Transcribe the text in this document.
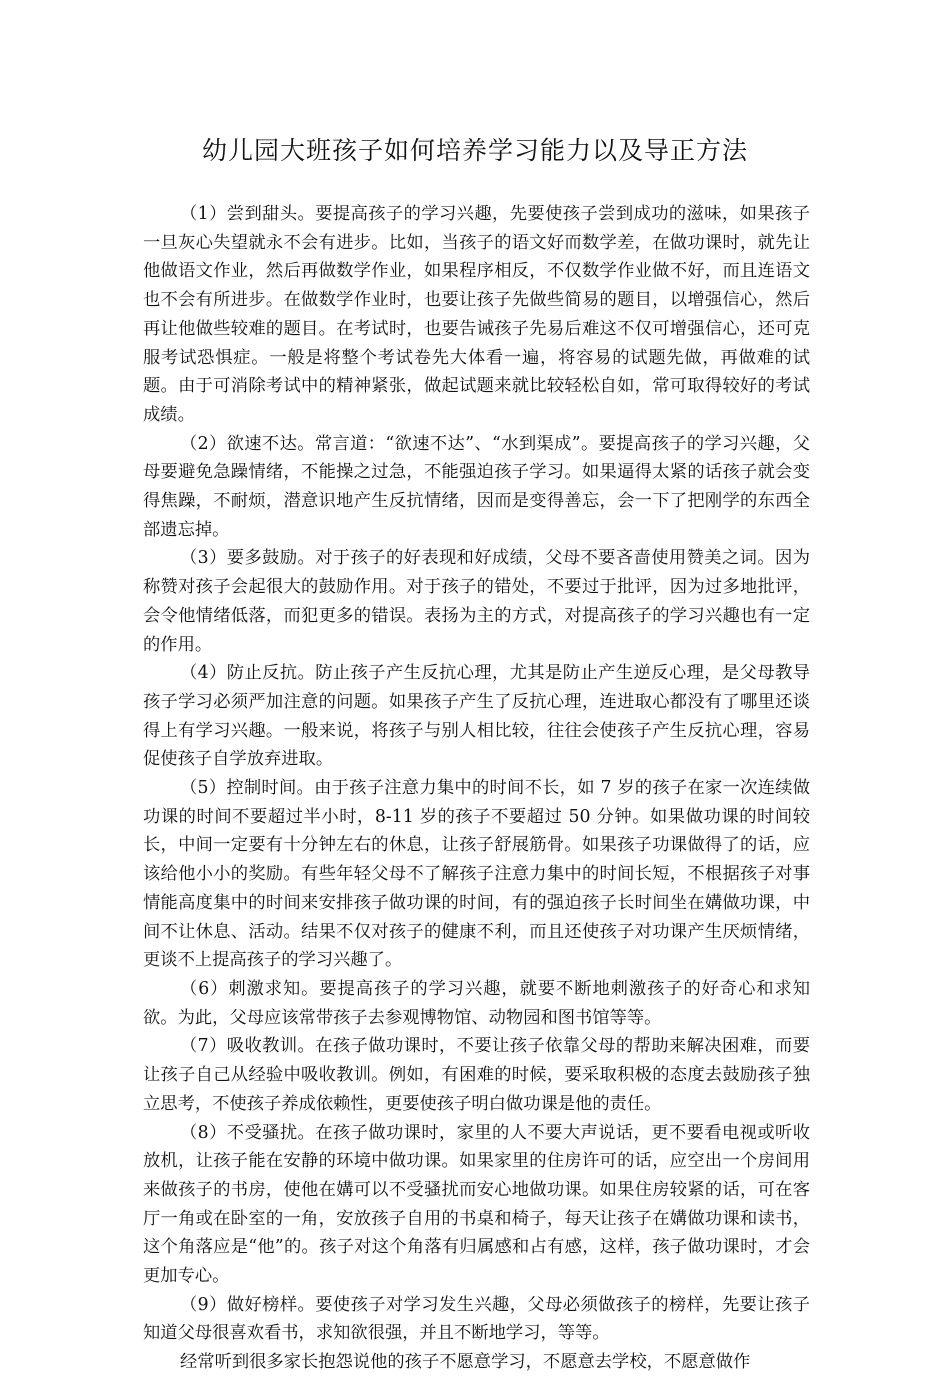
幼儿园大班孩子如何培养学习能力以及导正方法

（1）尝到甜头。要提高孩子的学习兴趣，先要使孩子尝到成功的滋味，如果孩子一旦灰心失望就永不会有进步。比如，当孩子的语文好而数学差，在做功课时，就先让他做语文作业，然后再做数学作业，如果程序相反，不仅数学作业做不好，而且连语文也不会有所进步。在做数学作业时，也要让孩子先做些简易的题目，以增强信心，然后再让他做些较难的题目。在考试时，也要告诫孩子先易后难这不仅可增强信心，还可克服考试恐惧症。一般是将整个考试卷先大体看一遍，将容易的试题先做，再做难的试题。由于可消除考试中的精神紧张，做起试题来就比较轻松自如，常可取得较好的考试成绩。

（2）欲速不达。常言道：“欲速不达”、“水到渠成”。要提高孩子的学习兴趣，父母要避免急躁情绪，不能操之过急，不能强迫孩子学习。如果逼得太紧的话孩子就会变得焦躁，不耐烦，潜意识地产生反抗情绪，因而是变得善忘，会一下了把刚学的东西全部遗忘掉。

（3）要多鼓励。对于孩子的好表现和好成绩，父母不要吝啬使用赞美之词。因为称赞对孩子会起很大的鼓励作用。对于孩子的错处，不要过于批评，因为过多地批评，会令他情绪低落，而犯更多的错误。表扬为主的方式，对提高孩子的学习兴趣也有一定的作用。

（4）防止反抗。防止孩子产生反抗心理，尤其是防止产生逆反心理，是父母教导孩子学习必须严加注意的问题。如果孩子产生了反抗心理，连进取心都没有了哪里还谈得上有学习兴趣。一般来说，将孩子与别人相比较，往往会使孩子产生反抗心理，容易促使孩子自学放弃进取。

（5）控制时间。由于孩子注意力集中的时间不长，如 7 岁的孩子在家一次连续做功课的时间不要超过半小时，8-11 岁的孩子不要超过 50 分钟。如果做功课的时间较长，中间一定要有十分钟左右的休息，让孩子舒展筋骨。如果孩子功课做得了的话，应该给他小小的奖励。有些年轻父母不了解孩子注意力集中的时间长短，不根据孩子对事情能高度集中的时间来安排孩子做功课的时间，有的强迫孩子长时间坐在媾做功课，中间不让休息、活动。结果不仅对孩子的健康不利，而且还使孩子对功课产生厌烦情绪，更谈不上提高孩子的学习兴趣了。

（6）刺激求知。要提高孩子的学习兴趣，就要不断地刺激孩子的好奇心和求知欲。为此，父母应该常带孩子去参观博物馆、动物园和图书馆等等。

（7）吸收教训。在孩子做功课时，不要让孩子依靠父母的帮助来解决困难，而要让孩子自己从经验中吸收教训。例如，有困难的时候，要采取积极的态度去鼓励孩子独立思考，不使孩子养成依赖性，更要使孩子明白做功课是他的责任。

（8）不受骚扰。在孩子做功课时，家里的人不要大声说话，更不要看电视或听收放机，让孩子能在安静的环境中做功课。如果家里的住房许可的话，应空出一个房间用来做孩子的书房，使他在媾可以不受骚扰而安心地做功课。如果住房较紧的话，可在客厅一角或在卧室的一角，安放孩子自用的书桌和椅子，每天让孩子在媾做功课和读书，这个角落应是“他”的。孩子对这个角落有归属感和占有感，这样，孩子做功课时，才会更加专心。

（9）做好榜样。要使孩子对学习发生兴趣，父母必须做孩子的榜样，先要让孩子知道父母很喜欢看书，求知欲很强，并且不断地学习，等等。

经常听到很多家长抱怨说他的孩子不愿意学习，不愿意去学校，不愿意做作
